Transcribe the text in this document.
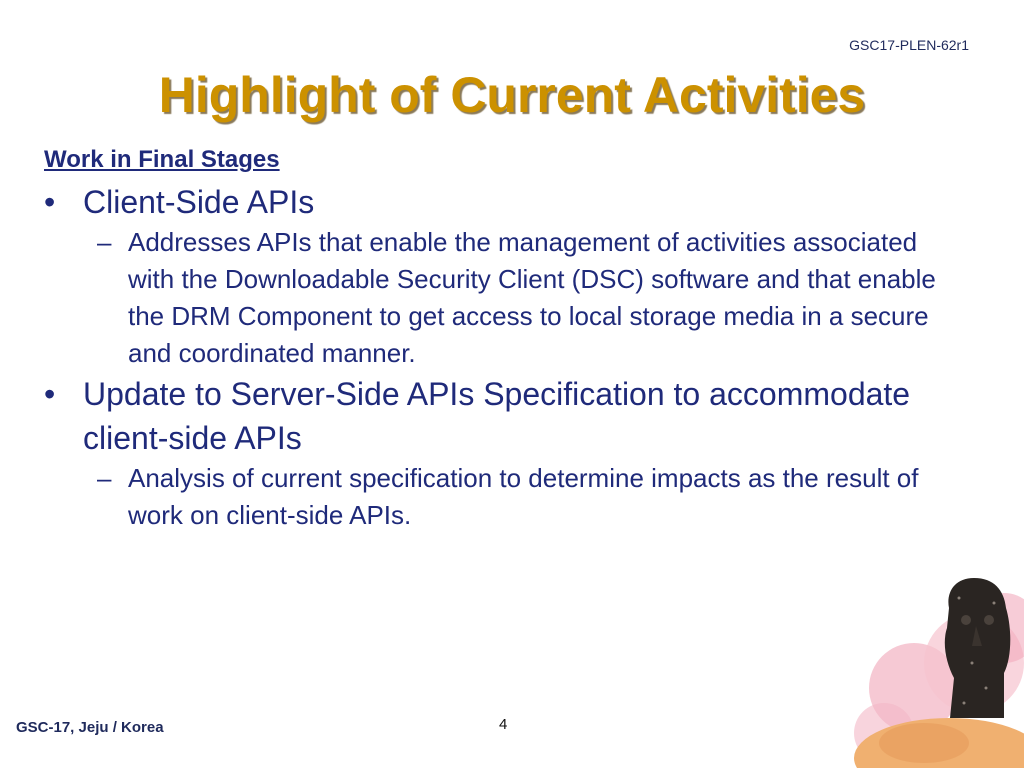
GSC17-PLEN-62r1
Highlight of Current Activities
Work in Final Stages
• Client-Side APIs
– Addresses APIs that enable the management of activities associated with the Downloadable Security Client (DSC) software and that enable the DRM Component to get access to local storage media in a secure and coordinated manner.
• Update to Server-Side APIs Specification to accommodate client-side APIs
– Analysis of current specification to determine impacts as the result of work on client-side APIs.
GSC-17, Jeju / Korea	4
